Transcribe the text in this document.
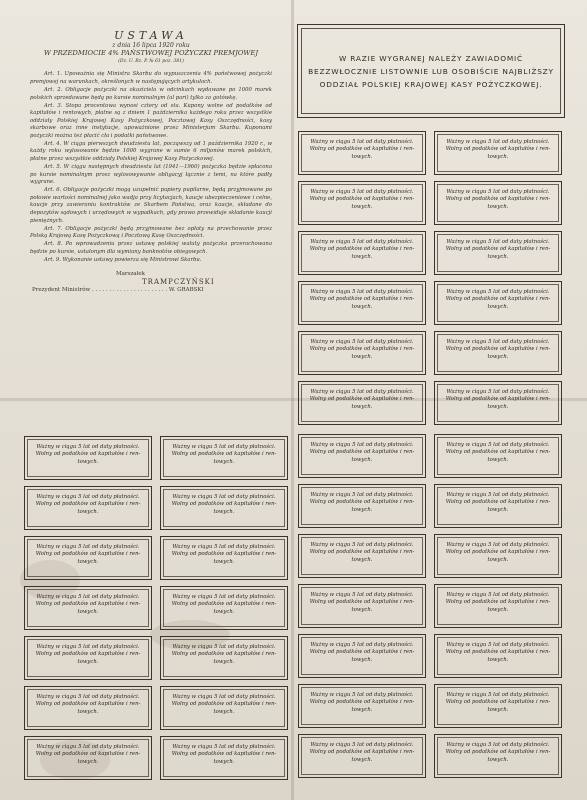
USTAWA
z dnia 16 lipca 1920 roku
W PRZEDMIOCIE 4% PAŃSTWOWEJ POŻYCZKI PREMJOWEJ
(Dz. U. Rz. P. № 61 poz. 381)

Art. 1. Upoważnia się Ministra Skarbu do wypuszczenia 4% państwowej pożyczki premjowej na warunkach, określonych w następujących artykułach.

Art. 2. Obligacje pożyczki na okaziciela w odcinkach wydawane po 1000 marek polskich sprzedawane będą po kursie nominalnym (al pari) tylko za gotówkę.

Art. 3. Stopa procentowa wynosi cztery od sta. Kupony wolne od podatków od kapitałów i rentowych, płatne są z dniem 1 października każdego roku przez wszystkie oddziały Polskiej Krajowej Kasy Pożyczkowej, Pocztowej Kasy Oszczędności, kasy skarbowe oraz inne instytucje, upoważnione przez Ministerjum Skarbu. Kuponami pożyczki można też płacić cła i podatki państwowe.

Art. 4. W ciągu pierwszych dwudziestu lat, począwszy od 1 października 1920 r., w każdy roku wylosowanie będzie 1000 wygrane w sumie 6 miljonów marek polskich, płatne przez wszystkie oddziały Polskiej Krajowej Kasy Pożyczkowej.

Art. 5. W ciągu następnych dwudziestu lat (1941—1960) pożyczka będzie spłacona po kursie nominalnym przez wylosowywanie obligacyj łącznie z temi, na które padły wygrane.

Art. 6. Obligacje pożyczki mogą uzupełnić papiery pupilarne, będą przyjmowane po połowie wartości nominalnej jako wadja przy licytacjach, kaucje ubezpieczeniowe i celne, kaucje przy zawieraniu kontraktów ze Skarbem Państwa, oraz kaucje, składane do depozytów sądowych i urzędowych w wypadkach, gdy prawo przewiduje składanie kaucji pieniężnych.

Art. 7. Obligacje pożyczki będą przyjmowane bez opłaty na przechowanie przez Polską Krajową Kasę Pożyczkową i Pocztową Kasę Oszczędności.

Art. 8. Po wprowadzeniu przez ustawę polskiej waluty pożyczka przerachowana będzie po kursie, ustalonym dla wymiany banknotów obiegowych.

Art. 9. Wykonanie ustawy powierza się Ministrowi Skarbu.

Marszałek
TRAMPCZYŃSKI
Prezydent Ministrów . . . . . . . . . . . . . . . . . . . . . . W. GRABSKI
W RAZIE WYGRANEJ NALEŻY ZAWIADOMIĆ BEZZWŁOCZNIE LISTOWNIE LUB OSOBIŚCIE NAJBLIŻSZY ODDZIAŁ POLSKIEJ KRAJOWEJ KASY POŻYCZKOWEJ.
Ważny w ciągu 5 lat od daty płatności.
Wolny od podatków od kapitałów i ren-
towych.
Ważny w ciągu 5 lat od daty płatności.
Wolny od podatków od kapitałów i ren-
towych.
Ważny w ciągu 5 lat od daty płatności.
Wolny od podatków od kapitałów i ren-
towych.
Ważny w ciągu 5 lat od daty płatności.
Wolny od podatków od kapitałów i ren-
towych.
Ważny w ciągu 5 lat od daty płatności.
Wolny od podatków od kapitałów i ren-
towych.
Ważny w ciągu 5 lat od daty płatności.
Wolny od podatków od kapitałów i ren-
towych.
Ważny w ciągu 5 lat od daty płatności.
Wolny od podatków od kapitałów i ren-
towych.
Ważny w ciągu 5 lat od daty płatności.
Wolny od podatków od kapitałów i ren-
towych.
Ważny w ciągu 5 lat od daty płatności.
Wolny od podatków od kapitałów i ren-
towych.
Ważny w ciągu 5 lat od daty płatności.
Wolny od podatków od kapitałów i ren-
towych.
Ważny w ciągu 5 lat od daty płatności.
Wolny od podatków od kapitałów i ren-
towych.
Ważny w ciągu 5 lat od daty płatności.
Wolny od podatków od kapitałów i ren-
towych.
Ważny w ciągu 5 lat od daty płatności.
Wolny od podatków od kapitałów i ren-
towych.
Ważny w ciągu 5 lat od daty płatności.
Wolny od podatków od kapitałów i ren-
towych.
Ważny w ciągu 5 lat od daty płatności.
Wolny od podatków od kapitałów i ren-
towych.
Ważny w ciągu 5 lat od daty płatności.
Wolny od podatków od kapitałów i ren-
towych.
Ważny w ciągu 5 lat od daty płatności.
Wolny od podatków od kapitałów i ren-
towych.
Ważny w ciągu 5 lat od daty płatności.
Wolny od podatków od kapitałów i ren-
towych.
Ważny w ciągu 5 lat od daty płatności.
Wolny od podatków od kapitałów i ren-
towych.
Ważny w ciągu 5 lat od daty płatności.
Wolny od podatków od kapitałów i ren-
towych.
Ważny w ciągu 5 lat od daty płatności.
Wolny od podatków od kapitałów i ren-
towych.
Ważny w ciągu 5 lat od daty płatności.
Wolny od podatków od kapitałów i ren-
towych.
Ważny w ciągu 5 lat od daty płatności.
Wolny od podatków od kapitałów i ren-
towych.
Ważny w ciągu 5 lat od daty płatności.
Wolny od podatków od kapitałów i ren-
towych.
Ważny w ciągu 5 lat od daty płatności.
Wolny od podatków od kapitałów i ren-
towych.
Ważny w ciągu 5 lat od daty płatności.
Wolny od podatków od kapitałów i ren-
towych.
Ważny w ciągu 5 lat od daty płatności.
Wolny od podatków od kapitałów i ren-
towych.
Ważny w ciągu 5 lat od daty płatności.
Wolny od podatków od kapitałów i ren-
towych.
Ważny w ciągu 5 lat od daty płatności.
Wolny od podatków od kapitałów i ren-
towych.
Ważny w ciągu 5 lat od daty płatności.
Wolny od podatków od kapitałów i ren-
towych.
Ważny w ciągu 5 lat od daty płatności.
Wolny od podatków od kapitałów i ren-
towych.
Ważny w ciągu 5 lat od daty płatności.
Wolny od podatków od kapitałów i ren-
towych.
Ważny w ciągu 5 lat od daty płatności.
Wolny od podatków od kapitałów i ren-
towych.
Ważny w ciągu 5 lat od daty płatności.
Wolny od podatków od kapitałów i ren-
towych.
Ważny w ciągu 5 lat od daty płatności.
Wolny od podatków od kapitałów i ren-
towych.
Ważny w ciągu 5 lat od daty płatności.
Wolny od podatków od kapitałów i ren-
towych.
Ważny w ciągu 5 lat od daty płatności.
Wolny od podatków od kapitałów i ren-
towych.
Ważny w ciągu 5 lat od daty płatności.
Wolny od podatków od kapitałów i ren-
towych.
Ważny w ciągu 5 lat od daty płatności.
Wolny od podatków od kapitałów i ren-
towych.
Ważny w ciągu 5 lat od daty płatności.
Wolny od podatków od kapitałów i ren-
towych.
